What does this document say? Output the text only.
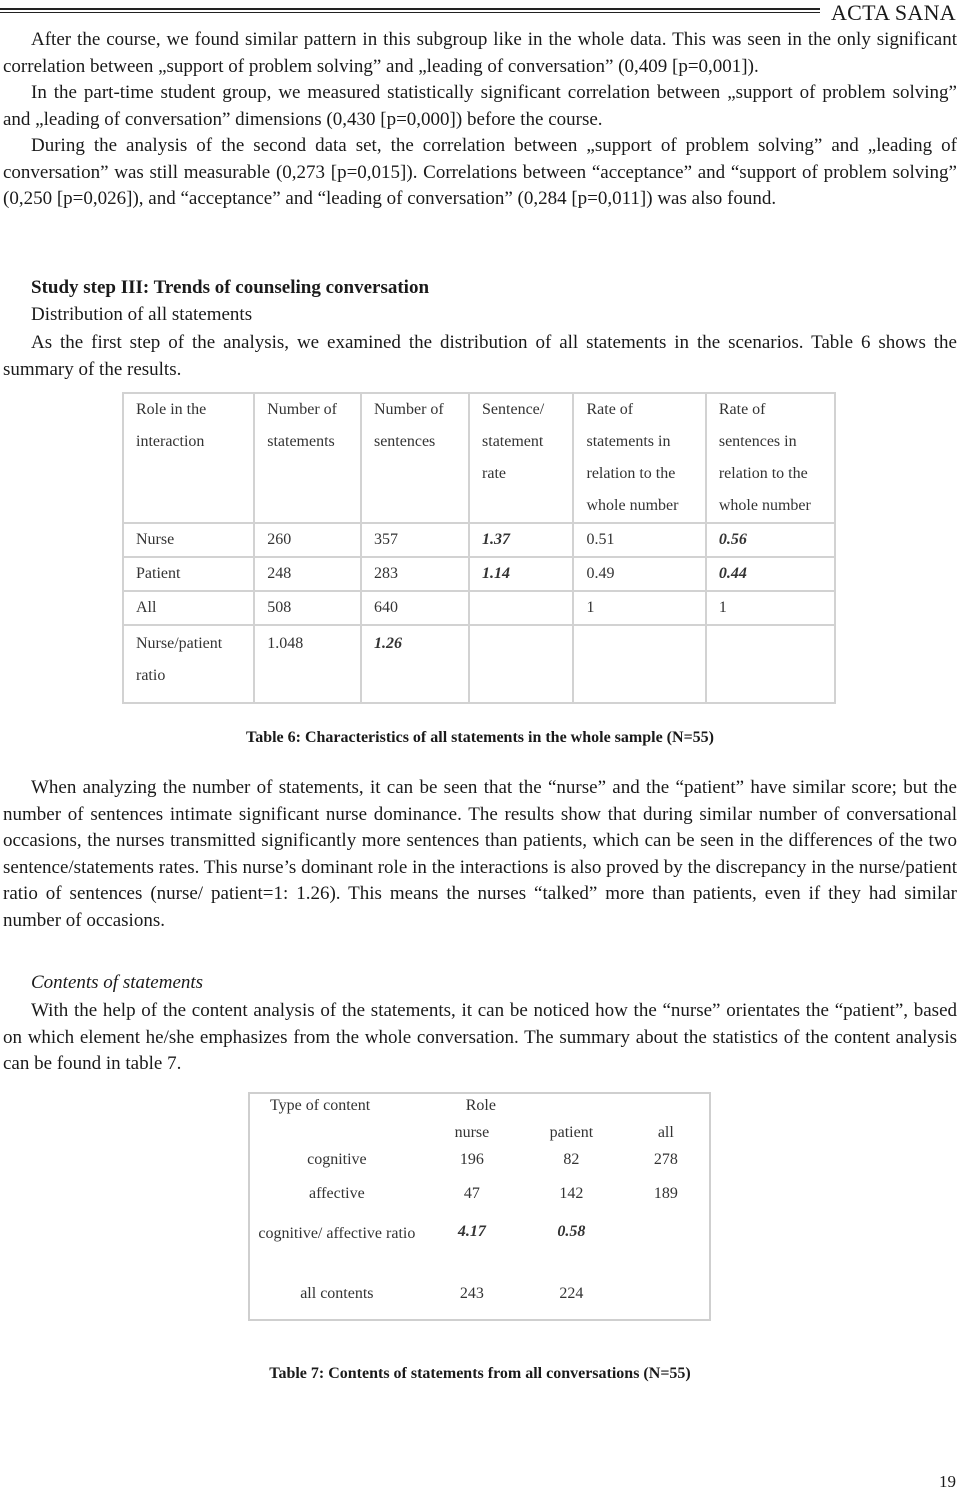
ACTA SANA

After the course, we found similar pattern in this subgroup like in the whole data. This was seen in the only significant correlation between „support of problem solving” and „leading of conversation” (0,409 [p=0,001]).

In the part-time student group, we measured statistically significant correlation between „support of problem solving” and „leading of conversation” dimensions (0,430 [p=0,000]) before the course.

During the analysis of the second data set, the correlation between „support of problem solving” and „leading of conversation” was still measurable (0,273 [p=0,015]). Correlations between “acceptance” and “support of problem solving” (0,250 [p=0,026]), and “acceptance” and “leading of conversation” (0,284 [p=0,011]) was also found.

Study step III: Trends of counseling conversation
Distribution of all statements

As the first step of the analysis, we examined the distribution of all statements in the scenarios. Table 6 shows the summary of the results.

Role in the interaction	Number of statements	Number of sentences	Sentence/ statement rate	Rate of statements in relation to the whole number	Rate of sentences in relation to the whole number
Nurse	260	357	1.37	0.51	0.56
Patient	248	283	1.14	0.49	0.44
All	508	640		1	1
Nurse/patient ratio	1.048	1.26			
Table 6: Characteristics of all statements in the whole sample (N=55)

When analyzing the number of statements, it can be seen that the “nurse” and the “patient” have similar score; but the number of sentences intimate significant nurse dominance. The results show that during similar number of conversational occasions, the nurses transmitted significantly more sentences than patients, which can be seen in the differences of the two sentence/statements rates. This nurse’s dominant role in the interactions is also proved by the discrepancy in the nurse/patient ratio of sentences (nurse/ patient=1: 1.26). This means the nurses “talked” more than patients, even if they had similar number of occasions.

Contents of statements

With the help of the content analysis of the statements, it can be noticed how the “nurse” orientates the “patient”, based on which element he/she emphasizes from the whole conversation. The summary about the statistics of the content analysis can be found in table 7.

Type of content	Role		
	nurse	patient	all
cognitive	196	82	278
affective	47	142	189
cognitive/ affective ratio	4.17	0.58	
all contents	243	224	
Table 7: Contents of statements from all conversations (N=55)
19
